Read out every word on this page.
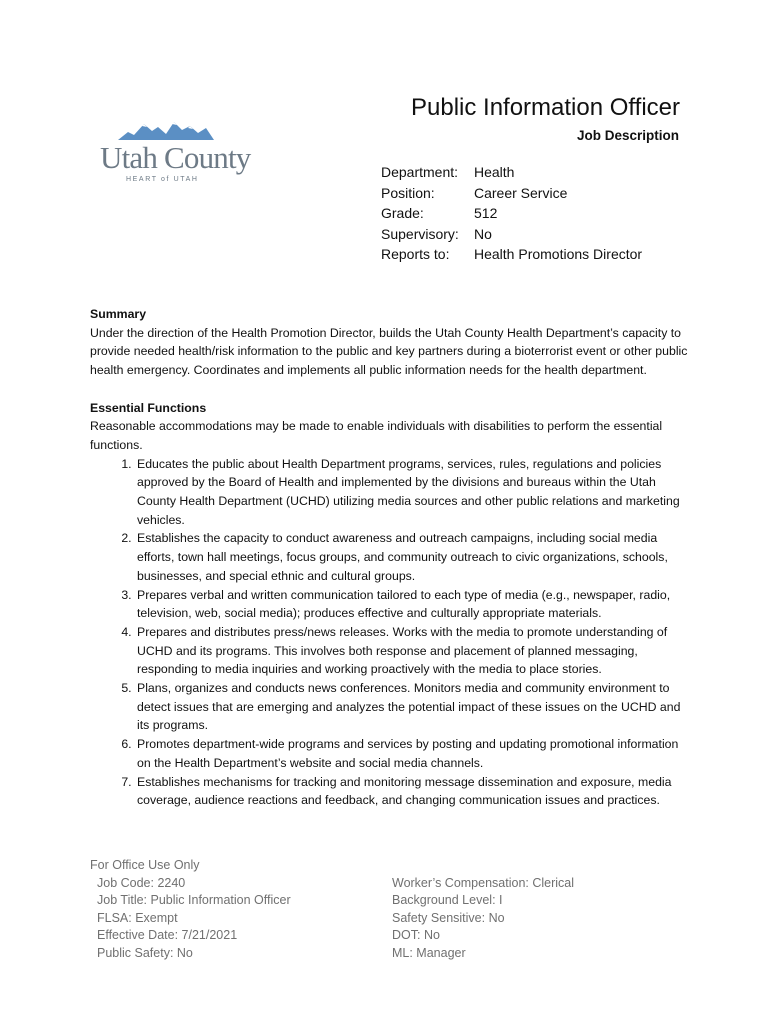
Utah County
HEART of UTAH
Public Information Officer
Job Description
Department: Health
Position:	Career Service
Grade:	512
Supervisory: No
Reports to: Health Promotions Director
Summary

Under the direction of the Health Promotion Director, builds the Utah County Health Department’s capacity to provide needed health/risk information to the public and key partners during a bioterrorist event or other public health emergency. Coordinates and implements all public information needs for the health department.

Essential Functions

Reasonable accommodations may be made to enable individuals with disabilities to perform the essential functions.

1. Educates the public about Health Department programs, services, rules, regulations and policies approved by the Board of Health and implemented by the divisions and bureaus within the Utah County Health Department (UCHD) utilizing media sources and other public relations and marketing vehicles.
2. Establishes the capacity to conduct awareness and outreach campaigns, including social media efforts, town hall meetings, focus groups, and community outreach to civic organizations, schools, businesses, and special ethnic and cultural groups.
3. Prepares verbal and written communication tailored to each type of media (e.g., newspaper, radio, television, web, social media); produces effective and culturally appropriate materials.
4. Prepares and distributes press/news releases. Works with the media to promote understanding of UCHD and its programs. This involves both response and placement of planned messaging, responding to media inquiries and working proactively with the media to place stories.
5. Plans, organizes and conducts news conferences. Monitors media and community environment to detect issues that are emerging and analyzes the potential impact of these issues on the UCHD and its programs.
6. Promotes department-wide programs and services by posting and updating promotional information on the Health Department’s website and social media channels.
7. Establishes mechanisms for tracking and monitoring message dissemination and exposure, media coverage, audience reactions and feedback, and changing communication issues and practices.
For Office Use Only
Job Code: 2240
Job Title: Public Information Officer
FLSA: Exempt
Effective Date: 7/21/2021
Public Safety: No
Worker’s Compensation: Clerical
Background Level: I
Safety Sensitive: No
DOT: No
ML: Manager
